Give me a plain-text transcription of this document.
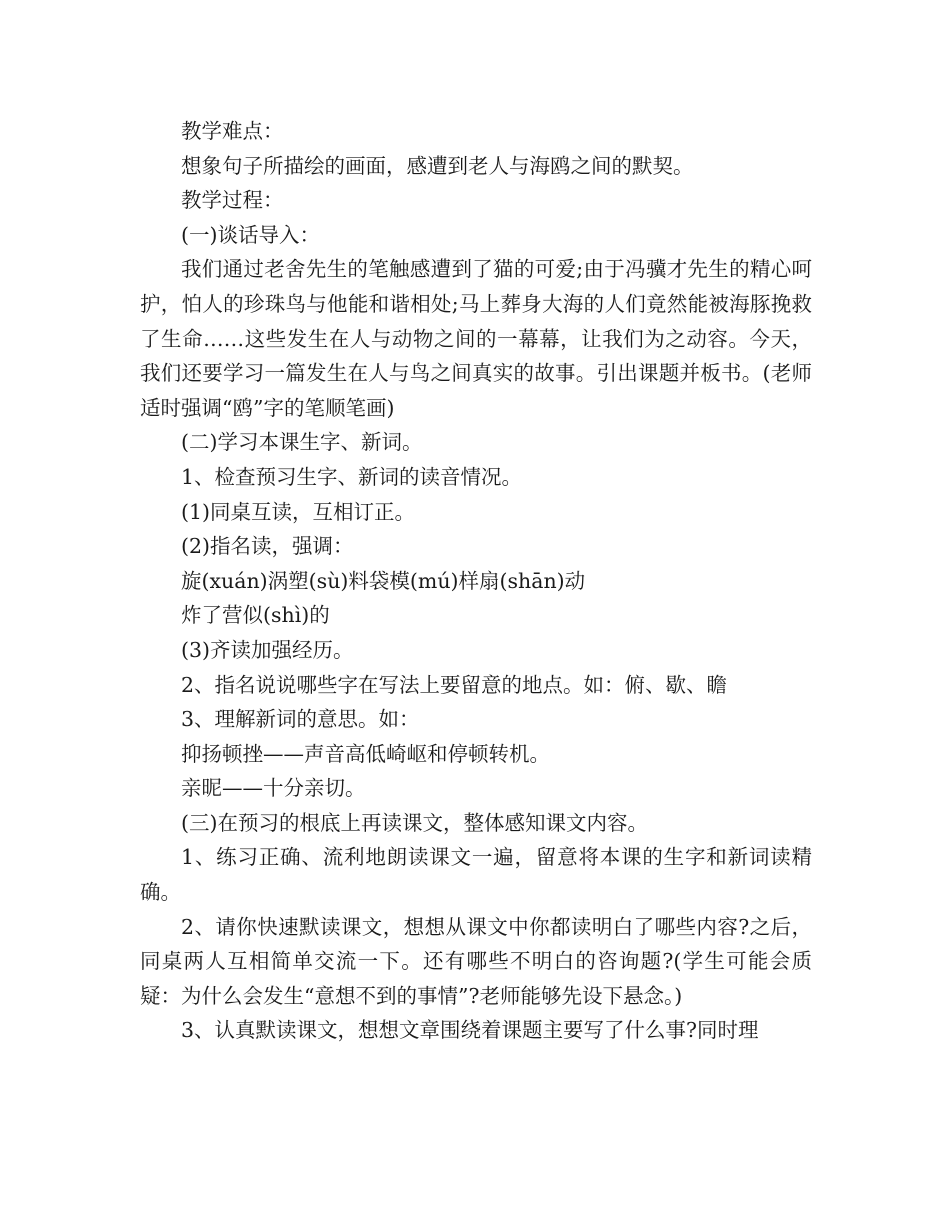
教学难点：

想象句子所描绘的画面，感遭到老人与海鸥之间的默契。

教学过程：

(一)谈话导入：

我们通过老舍先生的笔触感遭到了猫的可爱;由于冯骥才先生的精心呵护，怕人的珍珠鸟与他能和谐相处;马上葬身大海的人们竟然能被海豚挽救了生命……这些发生在人与动物之间的一幕幕，让我们为之动容。今天，我们还要学习一篇发生在人与鸟之间真实的故事。引出课题并板书。(老师适时强调“鸥”字的笔顺笔画)

(二)学习本课生字、新词。

1、检查预习生字、新词的读音情况。

(1)同桌互读，互相订正。

(2)指名读，强调：

旋(xuán)涡塑(sù)料袋模(mú)样扇(shān)动

炸了营似(shì)的

(3)齐读加强经历。

2、指名说说哪些字在写法上要留意的地点。如：俯、歇、瞻

3、理解新词的意思。如：

抑扬顿挫——声音高低崎岖和停顿转机。

亲昵——十分亲切。

(三)在预习的根底上再读课文，整体感知课文内容。

1、练习正确、流利地朗读课文一遍，留意将本课的生字和新词读精确。

2、请你快速默读课文，想想从课文中你都读明白了哪些内容?之后，同桌两人互相简单交流一下。还有哪些不明白的咨询题?(学生可能会质疑：为什么会发生“意想不到的事情”?老师能够先设下悬念。)

3、认真默读课文，想想文章围绕着课题主要写了什么事?同时理
